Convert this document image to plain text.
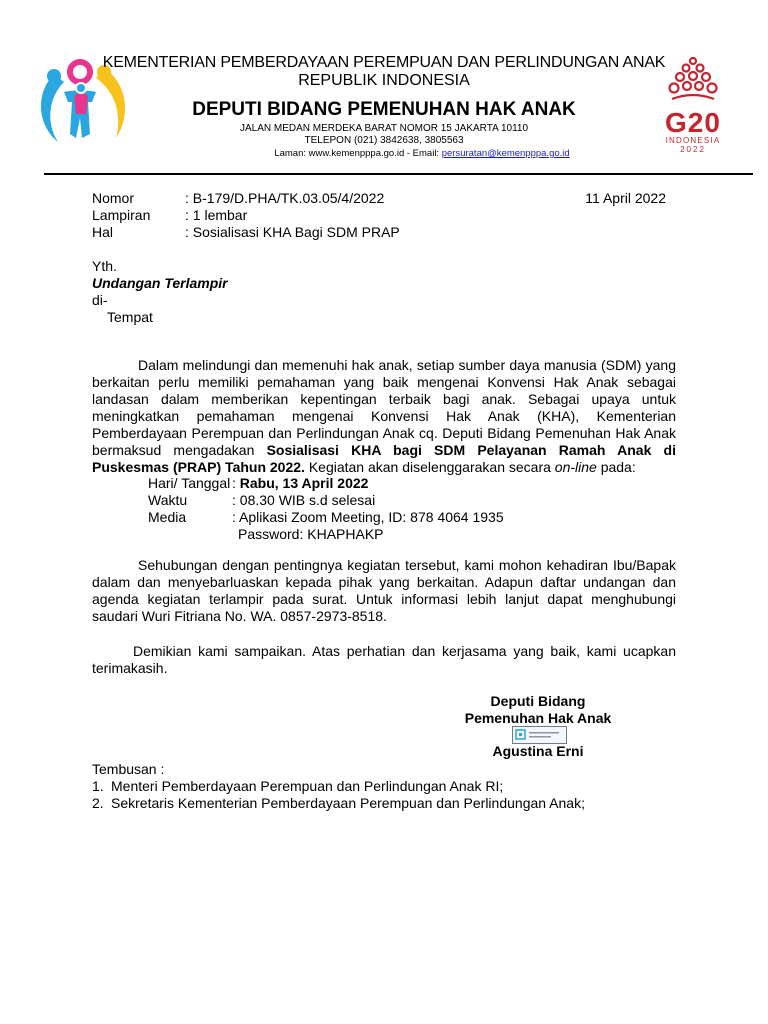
G20
INDONESIA
2022
KEMENTERIAN PEMBERDAYAAN PEREMPUAN DAN PERLINDUNGAN ANAK
REPUBLIK INDONESIA
DEPUTI BIDANG PEMENUHAN HAK ANAK
JALAN MEDAN MERDEKA BARAT NOMOR 15 JAKARTA 10110
TELEPON (021) 3842638, 3805563
Laman: www.kemenpppa.go.id - Email: persuratan@kemenpppa.go.id
Nomor	: B-179/D.PHA/TK.03.05/4/2022
Lampiran : 1 lembar
Hal	: Sosialisasi KHA Bagi SDM PRAP
11 April 2022
Yth.
Undangan Terlampir
di-
Tempat
Dalam melindungi dan memenuhi hak anak, setiap sumber daya manusia (SDM) yang berkaitan perlu memiliki pemahaman yang baik mengenai Konvensi Hak Anak sebagai landasan dalam memberikan kepentingan terbaik bagi anak. Sebagai upaya untuk meningkatkan pemahaman mengenai Konvensi Hak Anak (KHA), Kementerian Pemberdayaan Perempuan dan Perlindungan Anak cq. Deputi Bidang Pemenuhan Hak Anak bermaksud mengadakan Sosialisasi KHA bagi SDM Pelayanan Ramah Anak di Puskesmas (PRAP) Tahun 2022. Kegiatan akan diselenggarakan secara on-line pada:
Hari/ Tanggal : Rabu, 13 April 2022
Waktu	: 08.30 WIB s.d selesai
Media	: Aplikasi Zoom Meeting, ID: 878 4064 1935
Password: KHAPHAKP
Sehubungan dengan pentingnya kegiatan tersebut, kami mohon kehadiran Ibu/Bapak dalam dan menyebarluaskan kepada pihak yang berkaitan. Adapun daftar undangan dan agenda kegiatan terlampir pada surat. Untuk informasi lebih lanjut dapat menghubungi saudari Wuri Fitriana No. WA. 0857-2973-8518.
Demikian kami sampaikan. Atas perhatian dan kerjasama yang baik, kami ucapkan terimakasih.
Deputi Bidang
Pemenuhan Hak Anak
Agustina Erni
Tembusan :
1. Menteri Pemberdayaan Perempuan dan Perlindungan Anak RI;
2. Sekretaris Kementerian Pemberdayaan Perempuan dan Perlindungan Anak;
